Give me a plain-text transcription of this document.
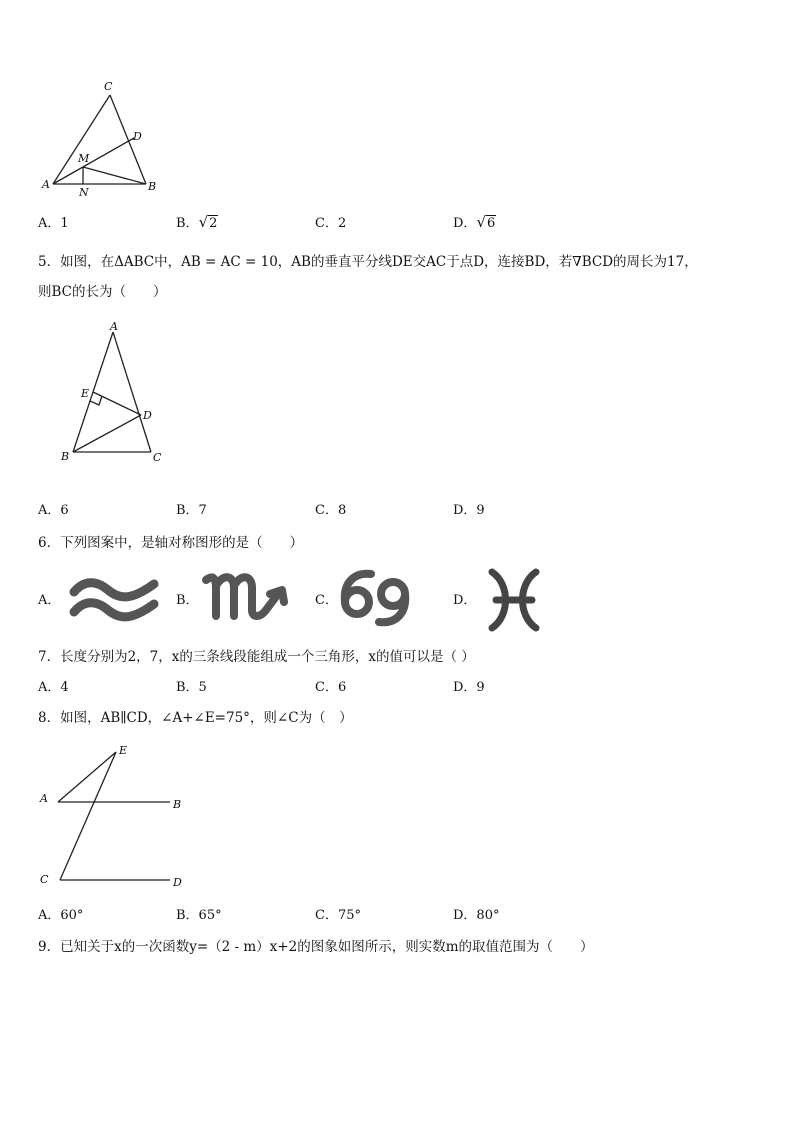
C
D
M
A
N	B
A．1	B．√2	C．2	D．√6
5．如图，在ΔABC中，AB = AC = 10，AB的垂直平分线DE交AC于点D，连接BD，若∇BCD的周长为17，
则BC的长为（　　）
A
E
D
B	C
A．6	B．7	C．8	D．9
6．下列图案中，是轴对称图形的是（　　）
A．	B．	C．	D．
7．长度分别为2，7，x的三条线段能组成一个三角形，x的值可以是（ ）
A．4	B．5	C．6	D．9
8．如图，AB∥CD，∠A+∠E=75°，则∠C为（　）
E
A	B
C	D
A．60°	B．65°	C．75°	D．80°
9．已知关于x的一次函数y=（2 - m）x+2的图象如图所示，则实数m的取值范围为（　　）
